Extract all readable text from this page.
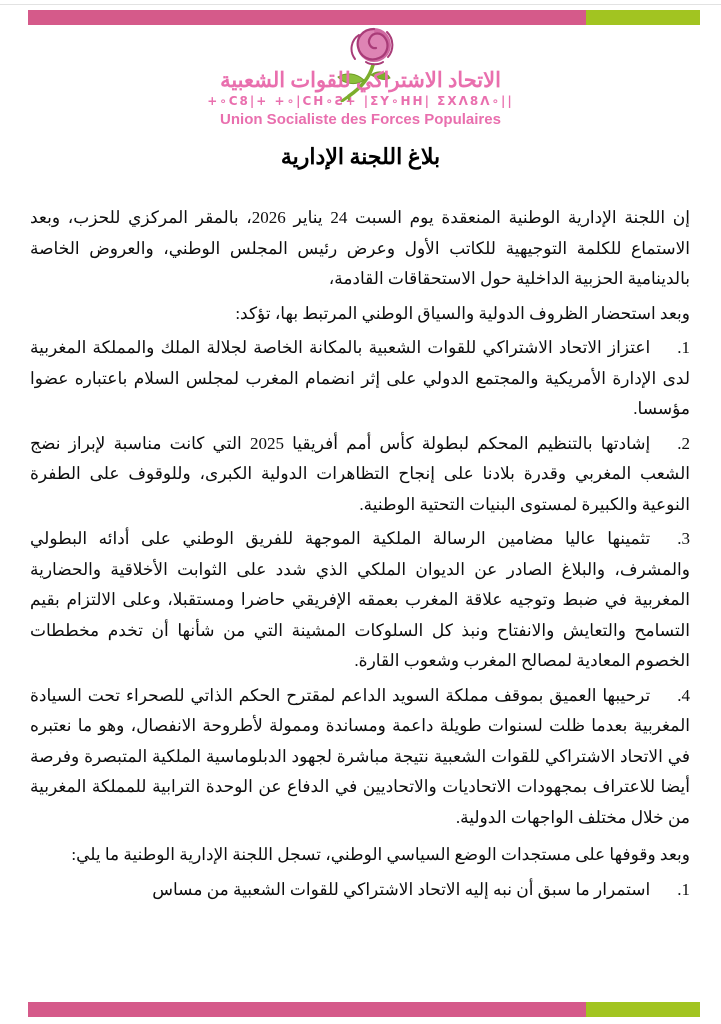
الاتحاد الاشتراكي للقوات الشعبية
+∘C8|+ +∘|CH∘Ƨ+ |ΣY∘HH| ΣXΛ8Λ∘||
Union Socialiste des Forces Populaires
بلاغ اللجنة الإدارية

إن اللجنة الإدارية الوطنية المنعقدة يوم السبت 24 يناير 2026، بالمقر المركزي للحزب، وبعد الاستماع للكلمة التوجيهية للكاتب الأول وعرض رئيس المجلس الوطني، والعروض الخاصة بالدينامية الحزبية الداخلية حول الاستحقاقات القادمة،

وبعد استحضار الظروف الدولية والسياق الوطني المرتبط بها، تؤكد:

1.اعتزاز الاتحاد الاشتراكي للقوات الشعبية بالمكانة الخاصة لجلالة الملك والمملكة المغربية لدى الإدارة الأمريكية والمجتمع الدولي على إثر انضمام المغرب لمجلس السلام باعتباره عضوا مؤسسا.
2.إشادتها بالتنظيم المحكم لبطولة كأس أمم أفريقيا 2025 التي كانت مناسبة لإبراز نضج الشعب المغربي وقدرة بلادنا على إنجاح التظاهرات الدولية الكبرى، وللوقوف على الطفرة النوعية والكبيرة لمستوى البنيات التحتية الوطنية.
3.تثمينها عاليا مضامين الرسالة الملكية الموجهة للفريق الوطني على أدائه البطولي والمشرف، والبلاغ الصادر عن الديوان الملكي الذي شدد على الثوابت الأخلاقية والحضارية المغربية في ضبط وتوجيه علاقة المغرب بعمقه الإفريقي حاضرا ومستقبلا، وعلى الالتزام بقيم التسامح والتعايش والانفتاح ونبذ كل السلوكات المشينة التي من شأنها أن تخدم مخططات الخصوم المعادية لمصالح المغرب وشعوب القارة.
4.ترحيبها العميق بموقف مملكة السويد الداعم لمقترح الحكم الذاتي للصحراء تحت السيادة المغربية بعدما ظلت لسنوات طويلة داعمة ومساندة وممولة لأطروحة الانفصال، وهو ما نعتبره في الاتحاد الاشتراكي للقوات الشعبية نتيجة مباشرة لجهود الدبلوماسية الملكية المتبصرة وفرصة أيضا للاعتراف بمجهودات الاتحاديات والاتحاديين في الدفاع عن الوحدة الترابية للمملكة المغربية من خلال مختلف الواجهات الدولية.

وبعد وقوفها على مستجدات الوضع السياسي الوطني، تسجل اللجنة الإدارية الوطنية ما يلي:

1.استمرار ما سبق أن نبه إليه الاتحاد الاشتراكي للقوات الشعبية من مساس
